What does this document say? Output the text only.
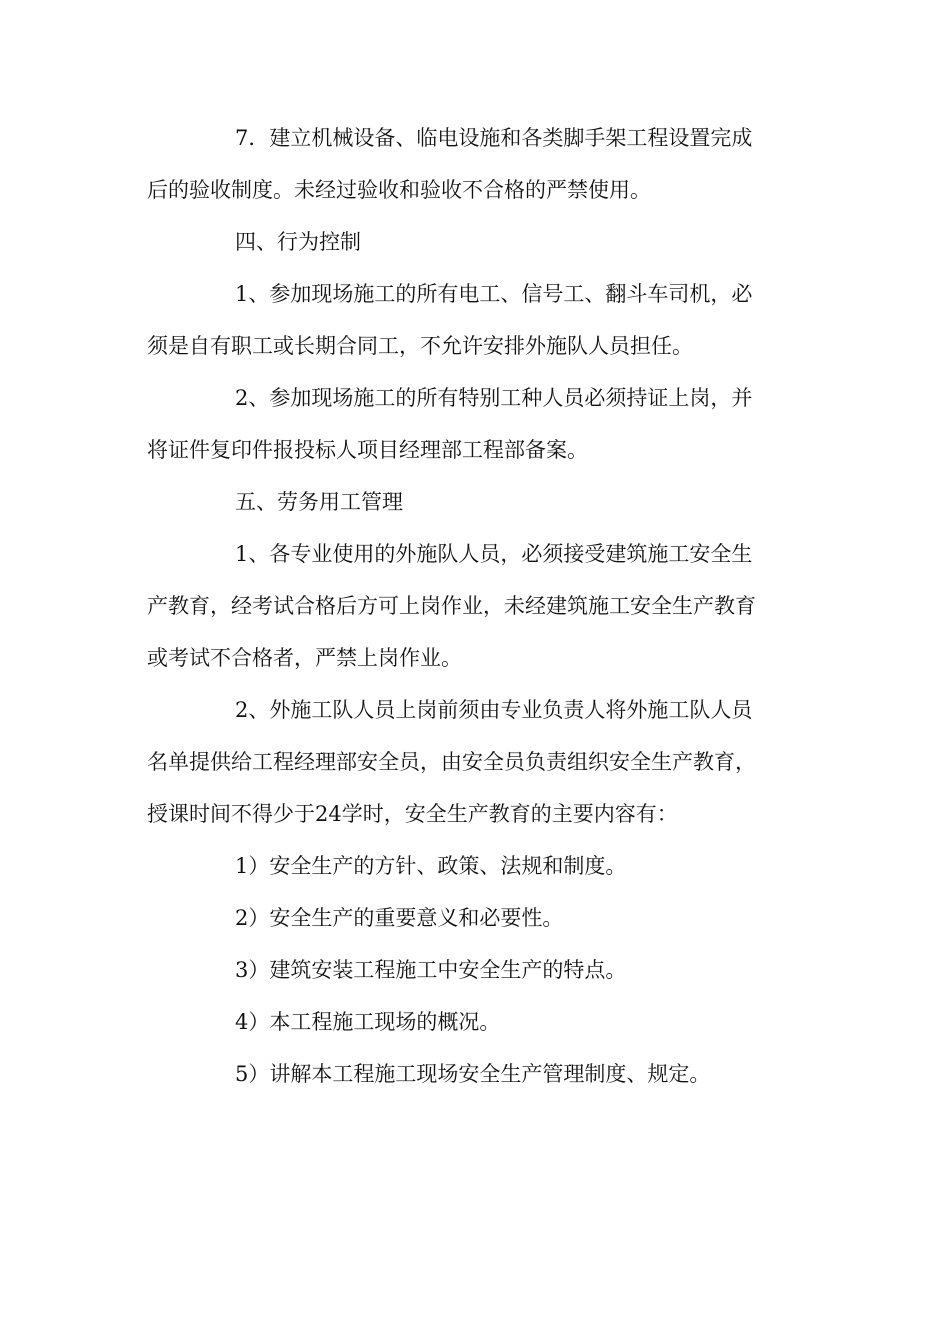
7．建立机械设备、临电设施和各类脚手架工程设置完成
后的验收制度。未经过验收和验收不合格的严禁使用。
四、行为控制
1、参加现场施工的所有电工、信号工、翻斗车司机，必
须是自有职工或长期合同工，不允许安排外施队人员担任。
2、参加现场施工的所有特别工种人员必须持证上岗，并
将证件复印件报投标人项目经理部工程部备案。
五、劳务用工管理
1、各专业使用的外施队人员，必须接受建筑施工安全生
产教育，经考试合格后方可上岗作业，未经建筑施工安全生产教育
或考试不合格者，严禁上岗作业。
2、外施工队人员上岗前须由专业负责人将外施工队人员
名单提供给工程经理部安全员，由安全员负责组织安全生产教育，
授课时间不得少于24学时，安全生产教育的主要内容有：
1）安全生产的方针、政策、法规和制度。
2）安全生产的重要意义和必要性。
3）建筑安装工程施工中安全生产的特点。
4）本工程施工现场的概况。
5）讲解本工程施工现场安全生产管理制度、规定。
